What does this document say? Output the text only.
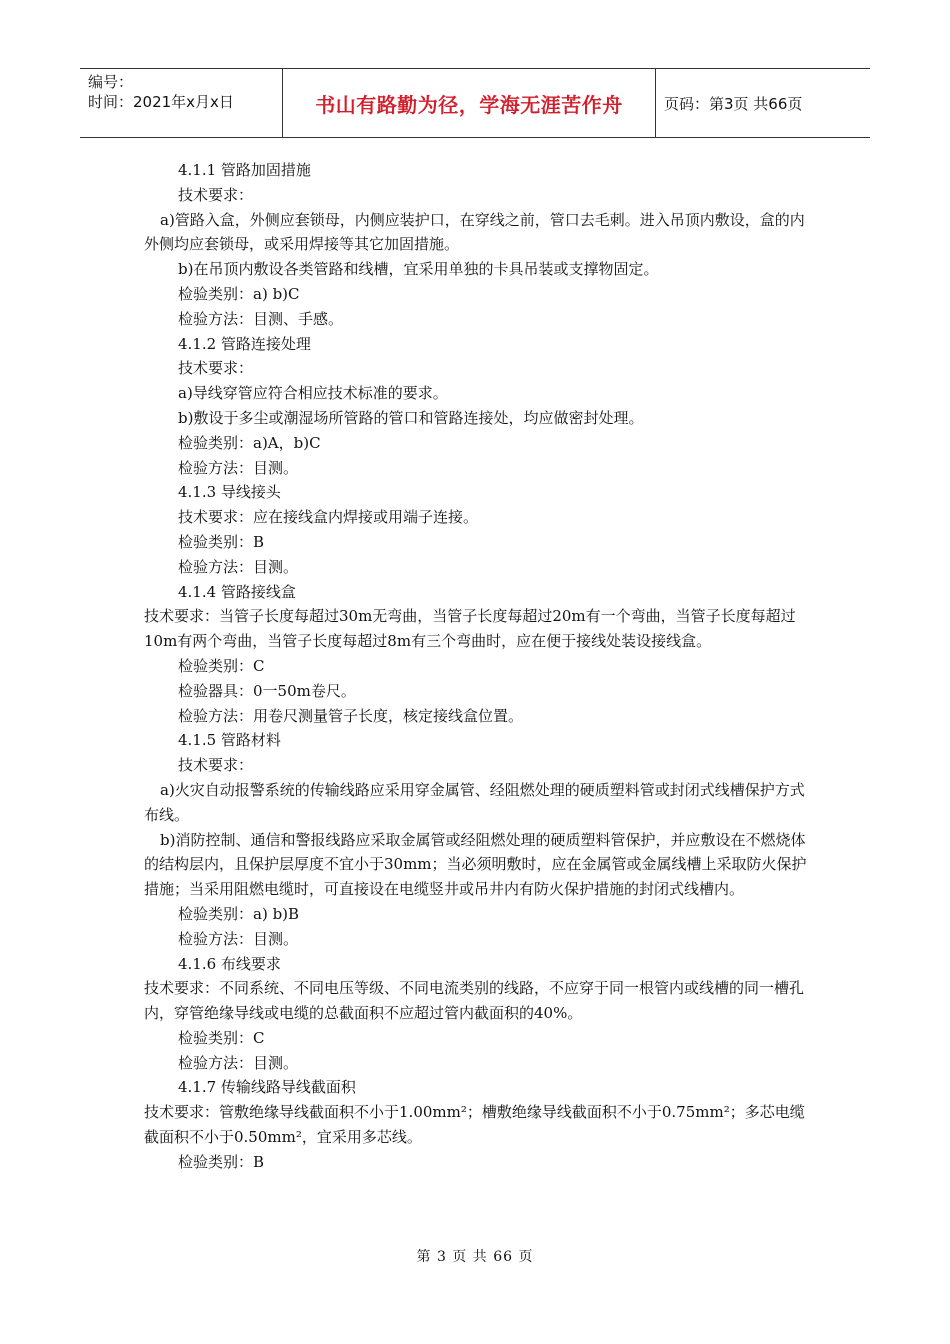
编号：
时间：2021年x月x日	书山有路勤为径，学海无涯苦作舟	页码：第3页 共66页

4.1.1 管路加固措施

技术要求：

a)管路入盒，外侧应套锁母，内侧应装护口，在穿线之前，管口去毛刺。进入吊顶内敷设，盒的内外侧均应套锁母，或采用焊接等其它加固措施。

b)在吊顶内敷设各类管路和线槽，宜采用单独的卡具吊装或支撑物固定。

检验类别：a) b)C

检验方法：目测、手感。

4.1.2 管路连接处理

技术要求：

a)导线穿管应符合相应技术标准的要求。

b)敷设于多尘或潮湿场所管路的管口和管路连接处，均应做密封处理。

检验类别：a)A，b)C

检验方法：目测。

4.1.3 导线接头

技术要求：应在接线盒内焊接或用端子连接。

检验类别：B

检验方法：目测。

4.1.4 管路接线盒

技术要求：当管子长度每超过30m无弯曲，当管子长度每超过20m有一个弯曲，当管子长度每超过10m有两个弯曲，当管子长度每超过8m有三个弯曲时，应在便于接线处装设接线盒。

检验类别：C

检验器具：0一50m卷尺。

检验方法：用卷尺测量管子长度，核定接线盒位置。

4.1.5 管路材料

技术要求：

a)火灾自动报警系统的传输线路应采用穿金属管、经阻燃处理的硬质塑料管或封闭式线槽保护方式布线。

b)消防控制、通信和警报线路应采取金属管或经阻燃处理的硬质塑料管保护，并应敷设在不燃烧体的结构层内，且保护层厚度不宜小于30mm；当必须明敷时，应在金属管或金属线槽上采取防火保护措施；当采用阻燃电缆时，可直接设在电缆竖井或吊井内有防火保护措施的封闭式线槽内。

检验类别：a) b)B

检验方法：目测。

4.1.6 布线要求

技术要求：不同系统、不同电压等级、不同电流类别的线路，不应穿于同一根管内或线槽的同一槽孔内，穿管绝缘导线或电缆的总截面积不应超过管内截面积的40%。

检验类别：C

检验方法：目测。

4.1.7 传输线路导线截面积

技术要求：管敷绝缘导线截面积不小于1.00mm²；槽敷绝缘导线截面积不小于0.75mm²；多芯电缆截面积不小于0.50mm²，宜采用多芯线。

检验类别：B

第 3 页 共 66 页
